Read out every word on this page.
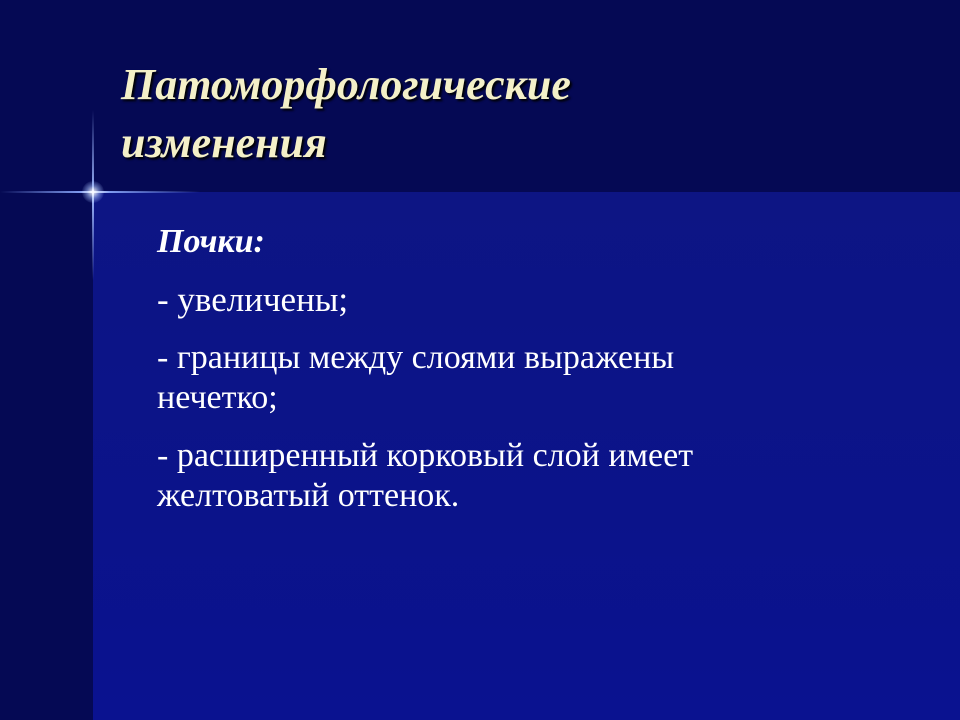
Патоморфологические
изменения

Почки:

- увеличены;

- границы между слоями выражены
нечетко;

- расширенный корковый слой имеет
желтоватый оттенок.
